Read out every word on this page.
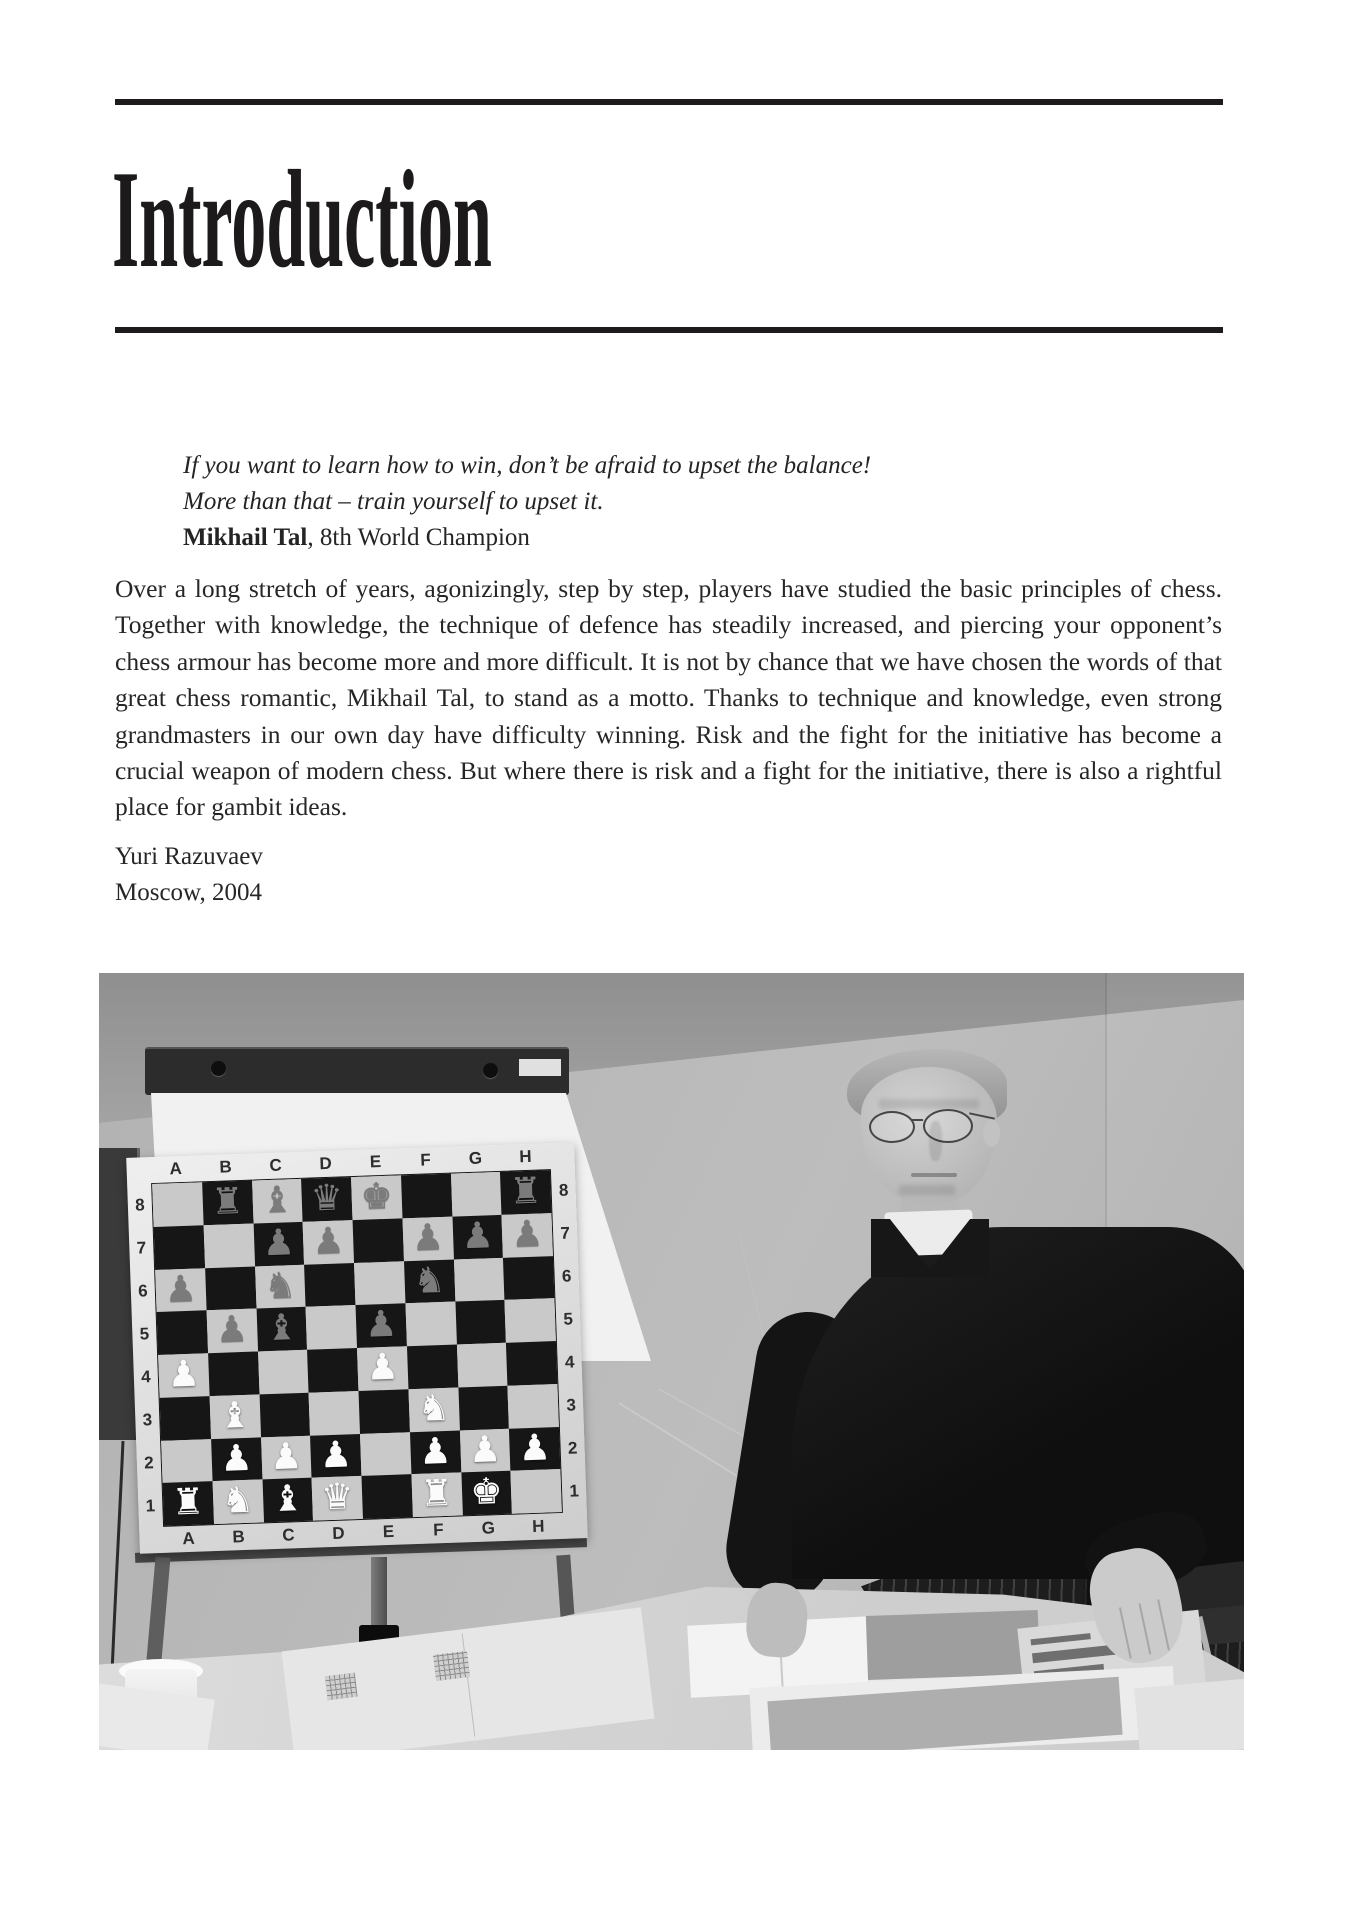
Introduction
If you want to learn how to win, don’t be afraid to upset the balance!
More than that – train yourself to upset it.
Mikhail Tal, 8th World Champion

Over a long stretch of years, agonizingly, step by step, players have studied the basic principles of chess. Together with knowledge, the technique of defence has steadily increased, and piercing your opponent’s chess armour has become more and more difficult. It is not by chance that we have chosen the words of that great chess romantic, Mikhail Tal, to stand as a motto. Thanks to technique and knowledge, even strong grandmasters in our own day have difficulty winning. Risk and the fight for the initiative has become a crucial weapon of modern chess. But where there is risk and a fight for the initiative, there is also a rightful place for gambit ideas.

Yuri Razuvaev
Moscow, 2004
A	B	C	D	E	F	G	H
8
7
6
5
4
3
2
1
♜ ♝ ♛ ♚	♜
♟ ♟ ♟ ♟ ♟
♟ ♞	♞
♟ ♝ ♟
♟	♟
♝	♞
♟ ♟ ♟ ♟ ♟ ♟
♜ ♞ ♝ ♛ ♜ ♚
8
7
6
5
4
3
2
1
A	B	C	D	E	F	G	H
